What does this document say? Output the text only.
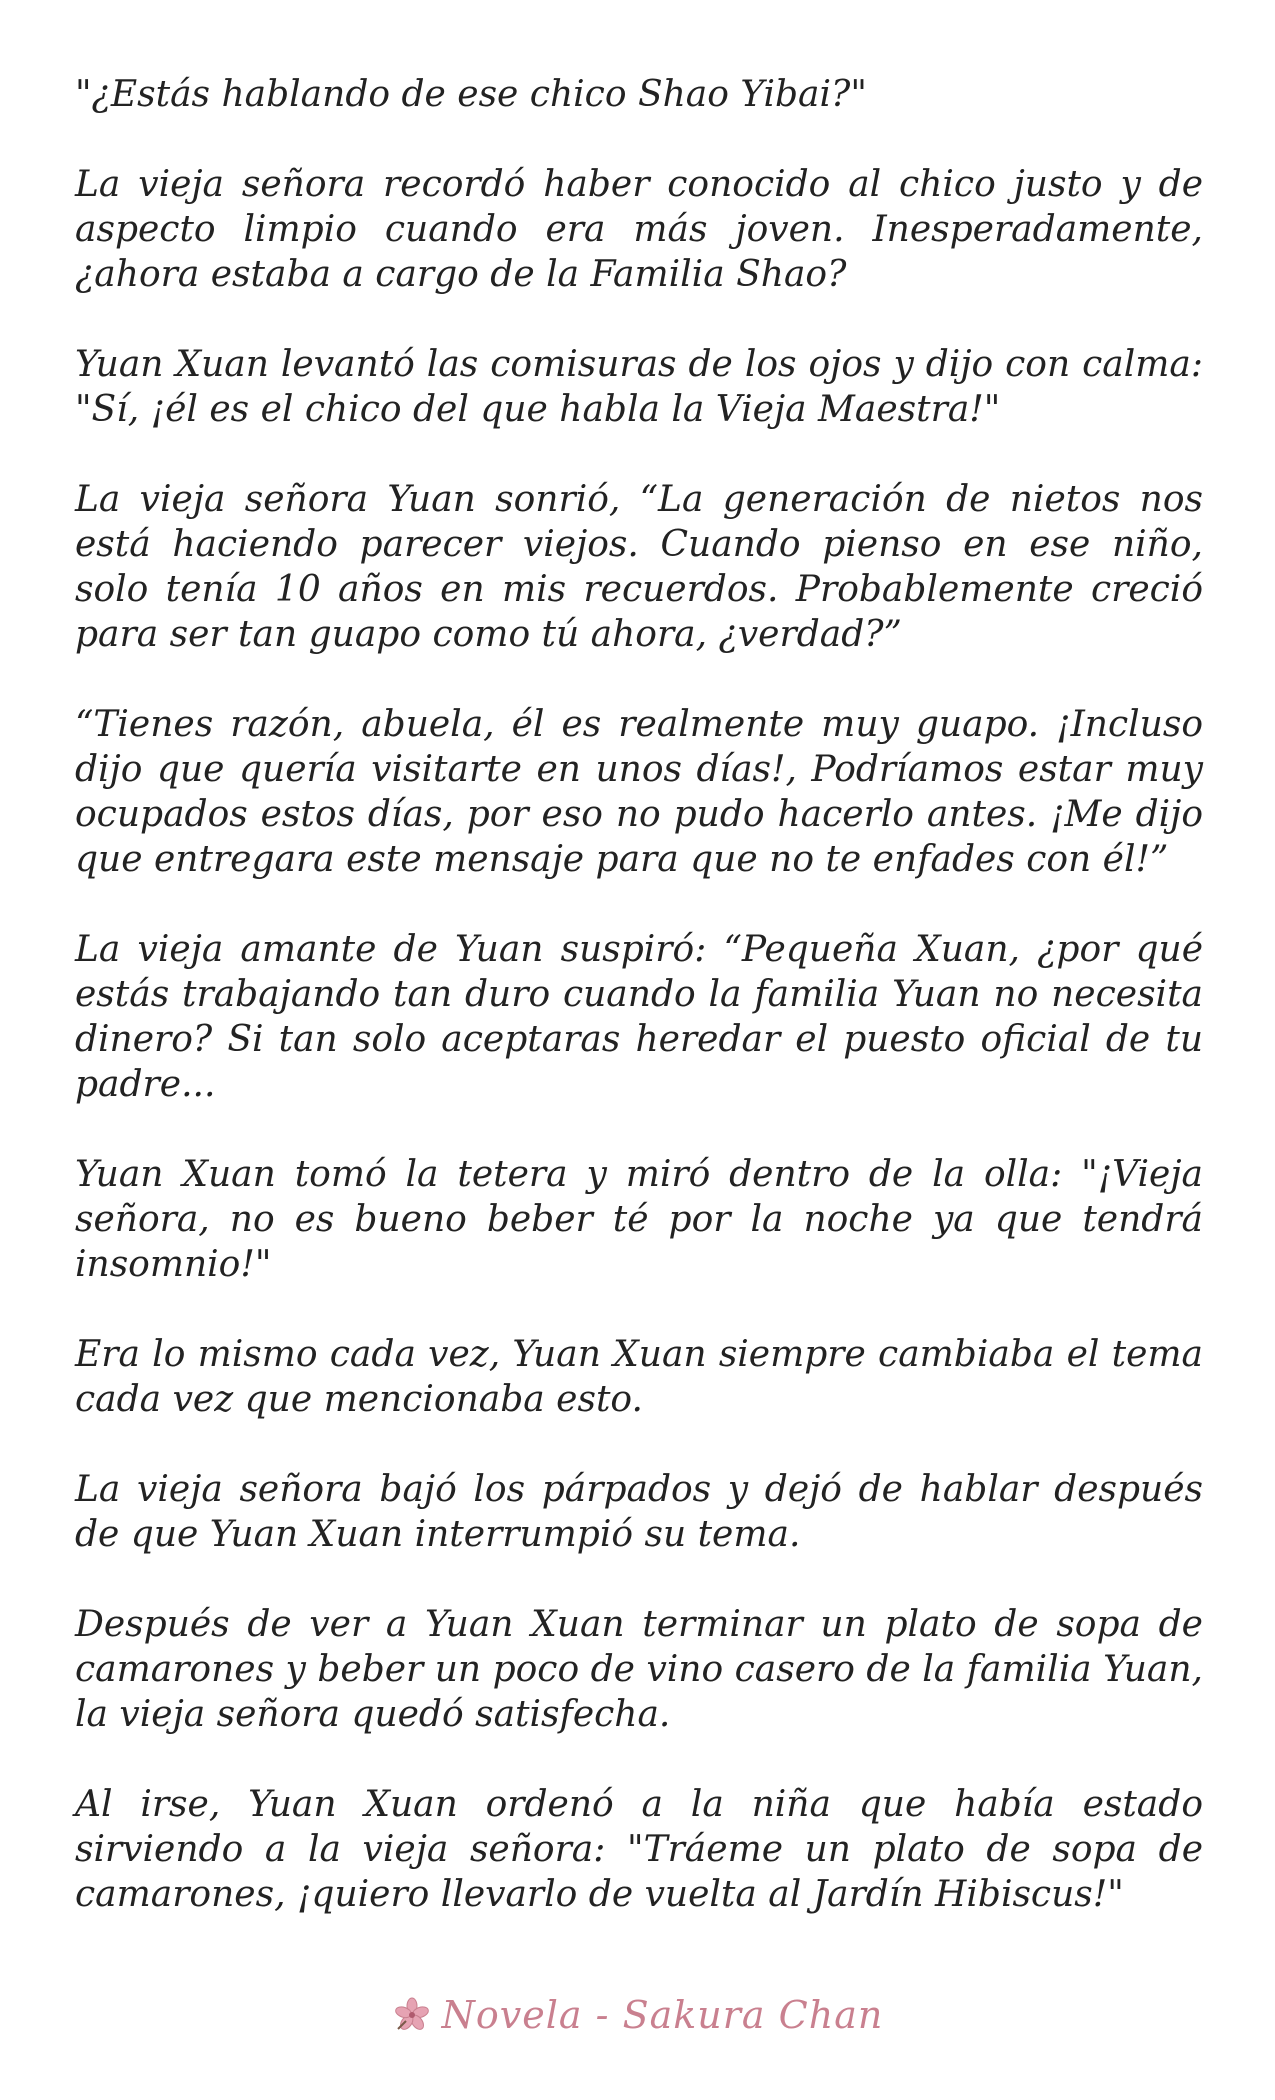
"¿Estás hablando de ese chico Shao Yibai?"

La vieja señora recordó haber conocido al chico justo y de aspecto limpio cuando era más joven. Inesperadamente, ¿ahora estaba a cargo de la Familia Shao?

Yuan Xuan levantó las comisuras de los ojos y dijo con calma: "Sí, ¡él es el chico del que habla la Vieja Maestra!"

La vieja señora Yuan sonrió, “La generación de nietos nos está haciendo parecer viejos. Cuando pienso en ese niño, solo tenía 10 años en mis recuerdos. Probablemente creció para ser tan guapo como tú ahora, ¿verdad?”

“Tienes razón, abuela, él es realmente muy guapo. ¡Incluso dijo que quería visitarte en unos días!, Podríamos estar muy ocupados estos días, por eso no pudo hacerlo antes. ¡Me dijo que entregara este mensaje para que no te enfades con él!”

La vieja amante de Yuan suspiró: “Pequeña Xuan, ¿por qué estás trabajando tan duro cuando la familia Yuan no necesita dinero? Si tan solo aceptaras heredar el puesto oficial de tu padre...

Yuan Xuan tomó la tetera y miró dentro de la olla: "¡Vieja señora, no es bueno beber té por la noche ya que tendrá insomnio!"

Era lo mismo cada vez, Yuan Xuan siempre cambiaba el tema cada vez que mencionaba esto.

La vieja señora bajó los párpados y dejó de hablar después de que Yuan Xuan interrumpió su tema.

Después de ver a Yuan Xuan terminar un plato de sopa de camarones y beber un poco de vino casero de la familia Yuan, la vieja señora quedó satisfecha.

Al irse, Yuan Xuan ordenó a la niña que había estado sirviendo a la vieja señora: "Tráeme un plato de sopa de camarones, ¡quiero llevarlo de vuelta al Jardín Hibiscus!"

Novela - Sakura Chan
